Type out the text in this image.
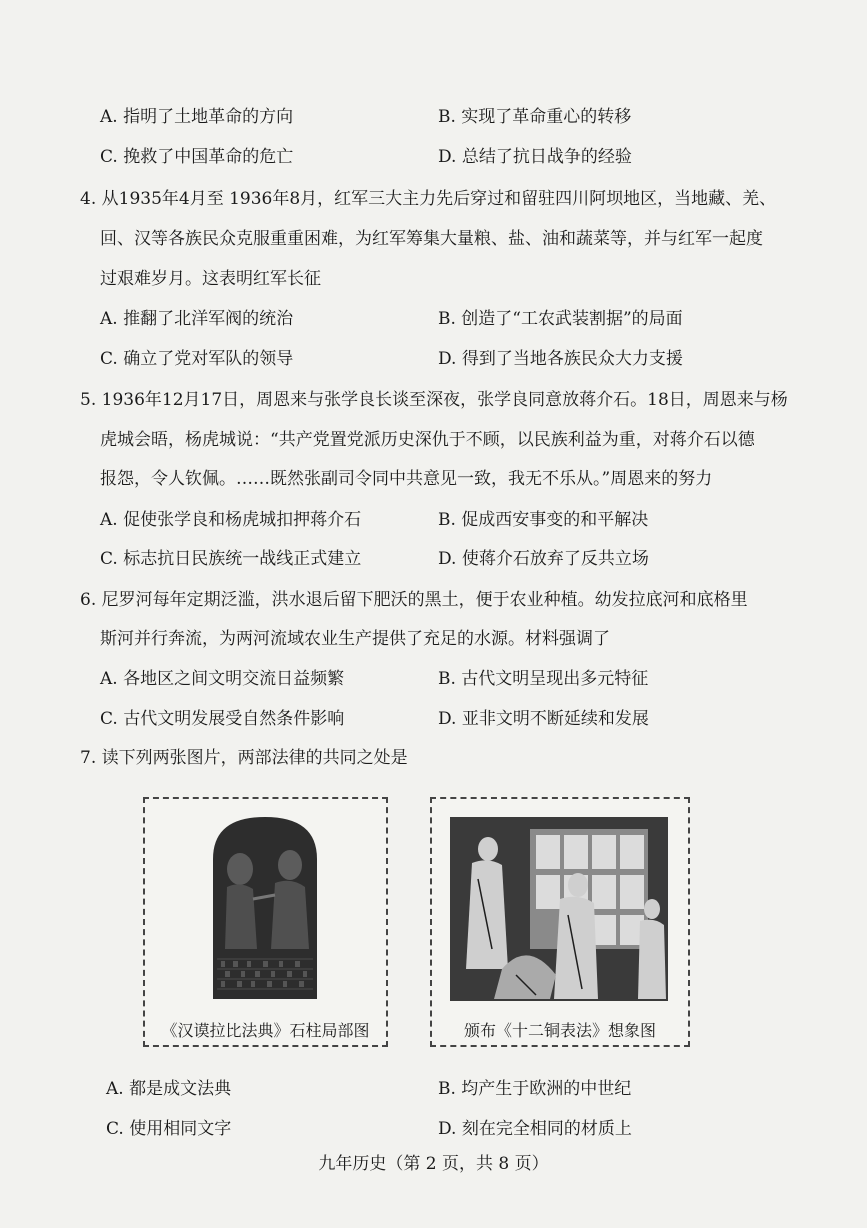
A. 指明了土地革命的方向	B. 实现了革命重心的转移
C. 挽救了中国革命的危亡	D. 总结了抗日战争的经验
4. 从1935年4月至 1936年8月，红军三大主力先后穿过和留驻四川阿坝地区，当地藏、羌、
回、汉等各族民众克服重重困难，为红军筹集大量粮、盐、油和蔬菜等，并与红军一起度
过艰难岁月。这表明红军长征
A. 推翻了北洋军阀的统治	B. 创造了“工农武装割据”的局面
C. 确立了党对军队的领导	D. 得到了当地各族民众大力支援
5. 1936年12月17日，周恩来与张学良长谈至深夜，张学良同意放蒋介石。18日，周恩来与杨
虎城会晤，杨虎城说：“共产党置党派历史深仇于不顾，以民族利益为重，对蒋介石以德
报怨，令人钦佩。……既然张副司令同中共意见一致，我无不乐从。”周恩来的努力
A. 促使张学良和杨虎城扣押蒋介石	B. 促成西安事变的和平解决
C. 标志抗日民族统一战线正式建立	D. 使蒋介石放弃了反共立场
6. 尼罗河每年定期泛滥，洪水退后留下肥沃的黑土，便于农业种植。幼发拉底河和底格里
斯河并行奔流，为两河流域农业生产提供了充足的水源。材料强调了
A. 各地区之间文明交流日益频繁	B. 古代文明呈现出多元特征
C. 古代文明发展受自然条件影响	D. 亚非文明不断延续和发展
7. 读下列两张图片，两部法律的共同之处是
《汉谟拉比法典》石柱局部图	颁布《十二铜表法》想象图
A. 都是成文法典	B. 均产生于欧洲的中世纪
C. 使用相同文字	D. 刻在完全相同的材质上
九年历史（第 2 页，共 8 页）
